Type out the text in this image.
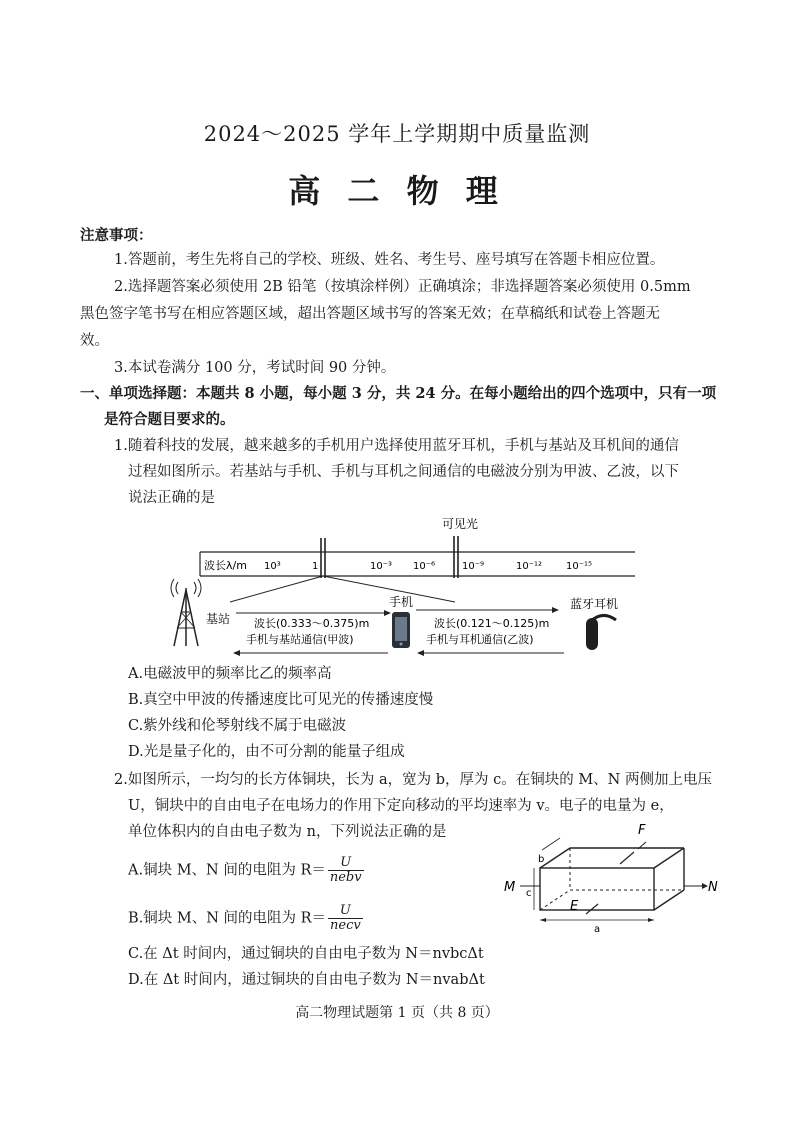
2024～2025 学年上学期期中质量监测
高 二 物 理
注意事项：
1.答题前，考生先将自己的学校、班级、姓名、考生号、座号填写在答题卡相应位置。
2.选择题答案必须使用 2B 铅笔（按填涂样例）正确填涂；非选择题答案必须使用 0.5mm
黑色签字笔书写在相应答题区域，超出答题区域书写的答案无效；在草稿纸和试卷上答题无
效。
3.本试卷满分 100 分，考试时间 90 分钟。
一、单项选择题：本题共 8 小题，每小题 3 分，共 24 分。在每小题给出的四个选项中，只有一项
是符合题目要求的。
1.随着科技的发展，越来越多的手机用户选择使用蓝牙耳机，手机与基站及耳机间的通信
过程如图所示。若基站与手机、手机与耳机之间通信的电磁波分别为甲波、乙波，以下
说法正确的是
可见光
波长λ/m 10³	1	10⁻³ 10⁻⁶	10⁻⁹	10⁻¹² 10⁻¹⁵
基站
手机	蓝牙耳机
波长(0.333～0.375)m
手机与基站通信(甲波)
波长(0.121～0.125)m
手机与耳机通信(乙波)
A.电磁波甲的频率比乙的频率高
B.真空中甲波的传播速度比可见光的传播速度慢
C.紫外线和伦琴射线不属于电磁波
D.光是量子化的，由不可分割的能量子组成
2.如图所示，一均匀的长方体铜块，长为 a，宽为 b，厚为 c。在铜块的 M、N 两侧加上电压
U，铜块中的自由电子在电场力的作用下定向移动的平均速率为 v。电子的电量为 e，
单位体积内的自由电子数为 n，下列说法正确的是
A.铜块 M、N 间的电阻为 $R= \frac{U}{\text{nebv}}$
B.铜块 M、N 间的电阻为 $R= \frac{U}{\text{necv}}$
C.在 Δt 时间内，通过铜块的自由电子数为 N＝nvbcΔt
D.在 Δt 时间内，通过铜块的自由电子数为 N＝nvabΔt
M	N
F
E
c
b
a
高二物理试题第 1 页（共 8 页）
